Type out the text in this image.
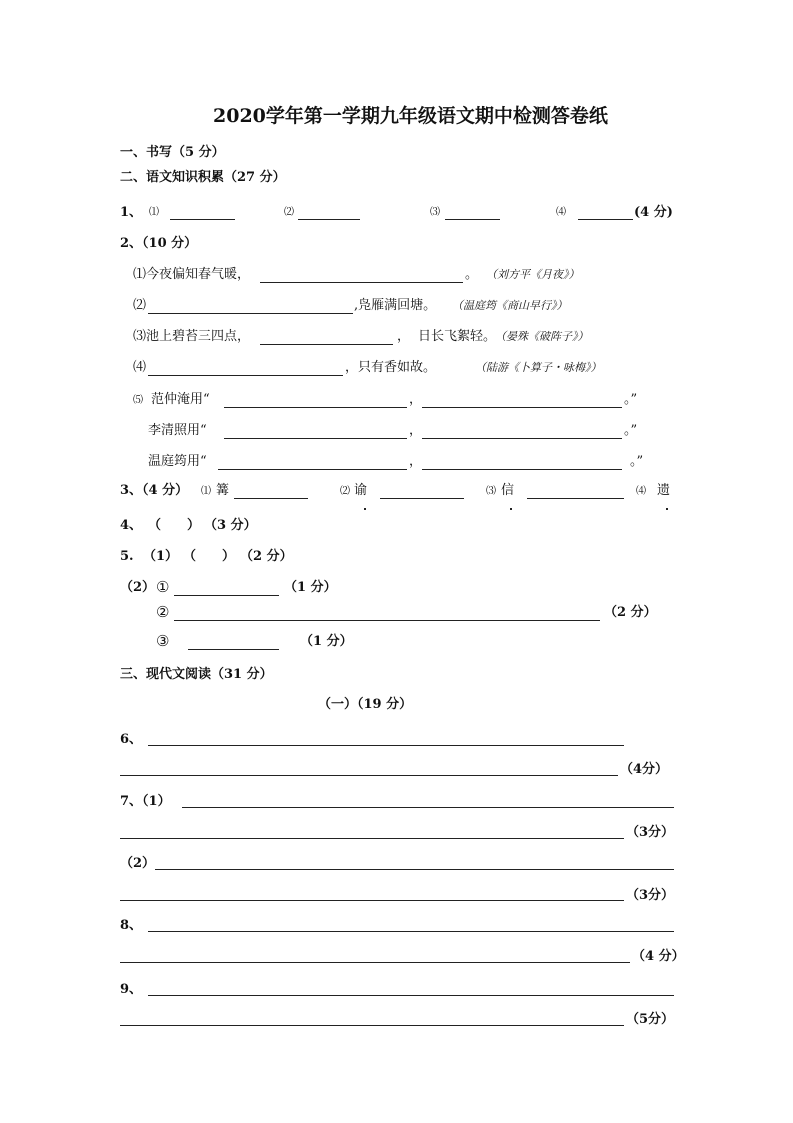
2020学年第一学期九年级语文期中检测答卷纸
一、书写（5 分）
二、语文知识积累（27 分）
1、 ⑴	⑵	⑶	⑷	(4 分)
2、（10 分）
⑴今夜偏知春气暖，	。 （刘方平《月夜》）
⑵	,凫雁满回塘。 （温庭筠《商山早行》）
⑶池上碧苔三四点，	， 日长飞絮轻。
（晏殊《破阵子》）
⑷	，只有香如故。	（陆游《卜算子・咏梅》）
⑸ 范仲淹用“	，	。”
李清照用“	，	。”
温庭筠用“	，	。”
3、（4 分） ⑴ 篝	⑵ 谕	⑶ 信	⑷ 遗
4、 （　　） （3 分）
5. （1） （　　） （2 分）
（2） ①	（1 分）
②	（2 分）
③	（1 分）
三、现代文阅读（31 分）
（一）（19 分）
6、
（4分）
7、（1）
（3分）
（2）
（3分）
8、
（4 分）
9、
（5分）
